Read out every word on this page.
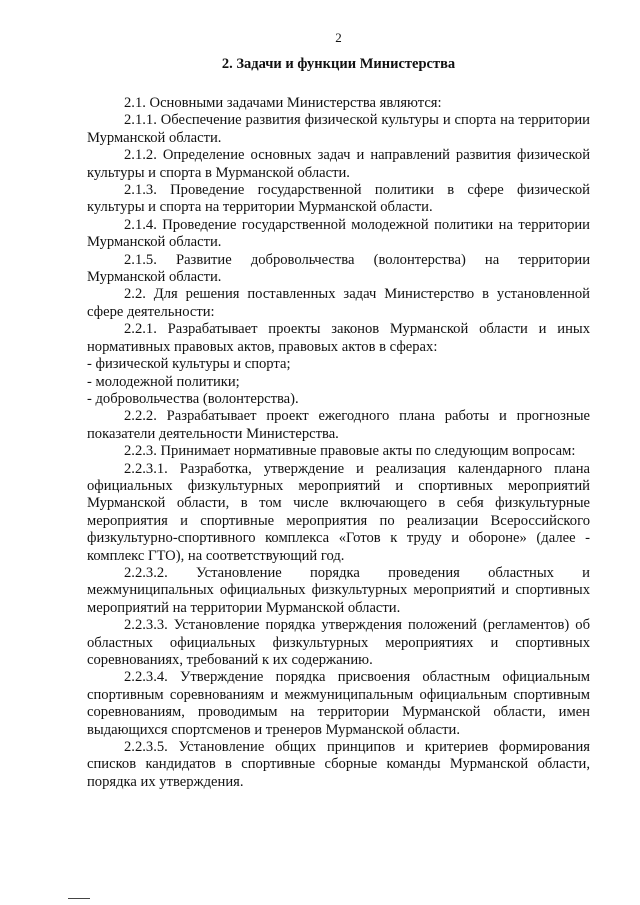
2
2. Задачи и функции Министерства

2.1. Основными задачами Министерства являются:

2.1.1. Обеспечение развития физической культуры и спорта на территории Мурманской области.

2.1.2. Определение основных задач и направлений развития физической культуры и спорта в Мурманской области.

2.1.3. Проведение государственной политики в сфере физической культуры и спорта на территории Мурманской области.

2.1.4. Проведение государственной молодежной политики на территории Мурманской области.

2.1.5. Развитие добровольчества (волонтерства) на территории Мурманской области.

2.2. Для решения поставленных задач Министерство в установленной сфере деятельности:

2.2.1. Разрабатывает проекты законов Мурманской области и иных нормативных правовых актов, правовых актов в сферах:

- физической культуры и спорта;

- молодежной политики;

- добровольчества (волонтерства).

2.2.2. Разрабатывает проект ежегодного плана работы и прогнозные показатели деятельности Министерства.

2.2.3. Принимает нормативные правовые акты по следующим вопросам:

2.2.3.1. Разработка, утверждение и реализация календарного плана официальных физкультурных мероприятий и спортивных мероприятий Мурманской области, в том числе включающего в себя физкультурные мероприятия и спортивные мероприятия по реализации Всероссийского физкультурно-спортивного комплекса «Готов к труду и обороне» (далее - комплекс ГТО), на соответствующий год.

2.2.3.2. Установление порядка проведения областных и межмуниципальных официальных физкультурных мероприятий и спортивных мероприятий на территории Мурманской области.

2.2.3.3. Установление порядка утверждения положений (регламентов) об областных официальных физкультурных мероприятиях и спортивных соревнованиях, требований к их содержанию.

2.2.3.4. Утверждение порядка присвоения областным официальным спортивным соревнованиям и межмуниципальным официальным спортивным соревнованиям, проводимым на территории Мурманской области, имен выдающихся спортсменов и тренеров Мурманской области.

2.2.3.5. Установление общих принципов и критериев формирования списков кандидатов в спортивные сборные команды Мурманской области, порядка их утверждения.
